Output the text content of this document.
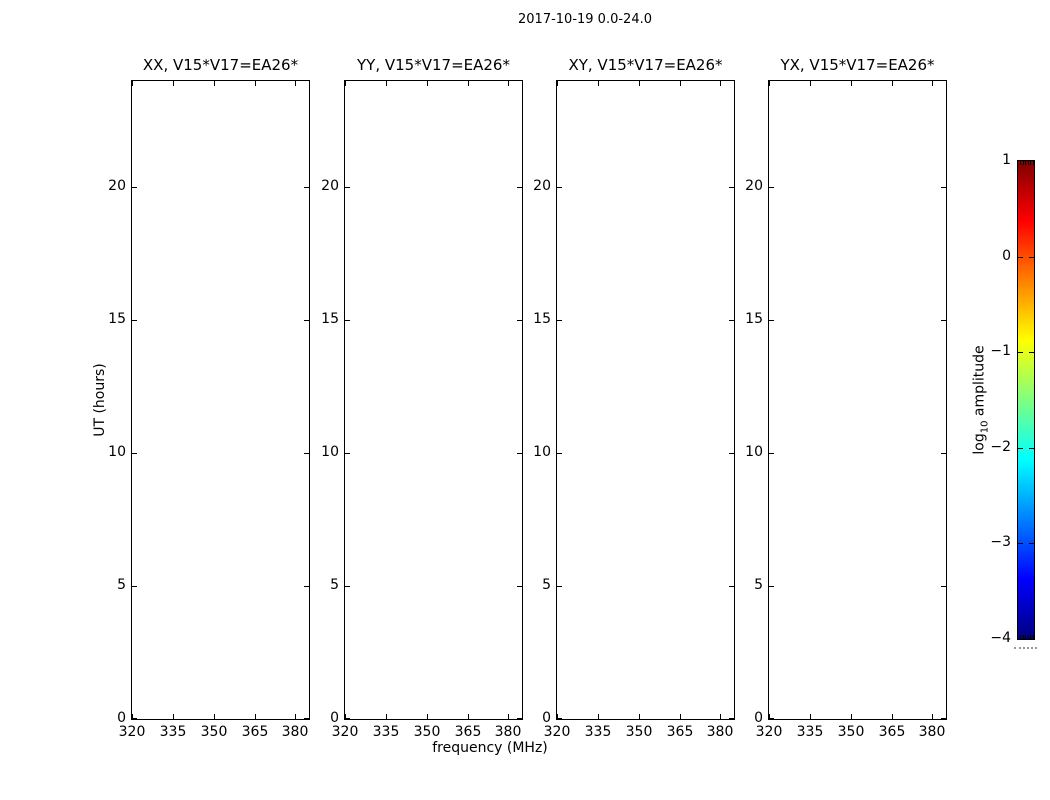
2017-10-19 0.0-24.0
frequency (MHz)
UT (hours)
$\log_{10}$ amplitude
XX, V15*V17=EA26*
320	335	350	365 380
0
5
10
15
20
YY, V15*V17=EA26*
320	335	350	365 380
0
5
10
15
20
XY, V15*V17=EA26*
320	335	350	365 380
0
5
10
15
20
YX, V15*V17=EA26*
320	335	350	365 380
0
5
10
15
20
1
0
−1
−2
−3
−4
